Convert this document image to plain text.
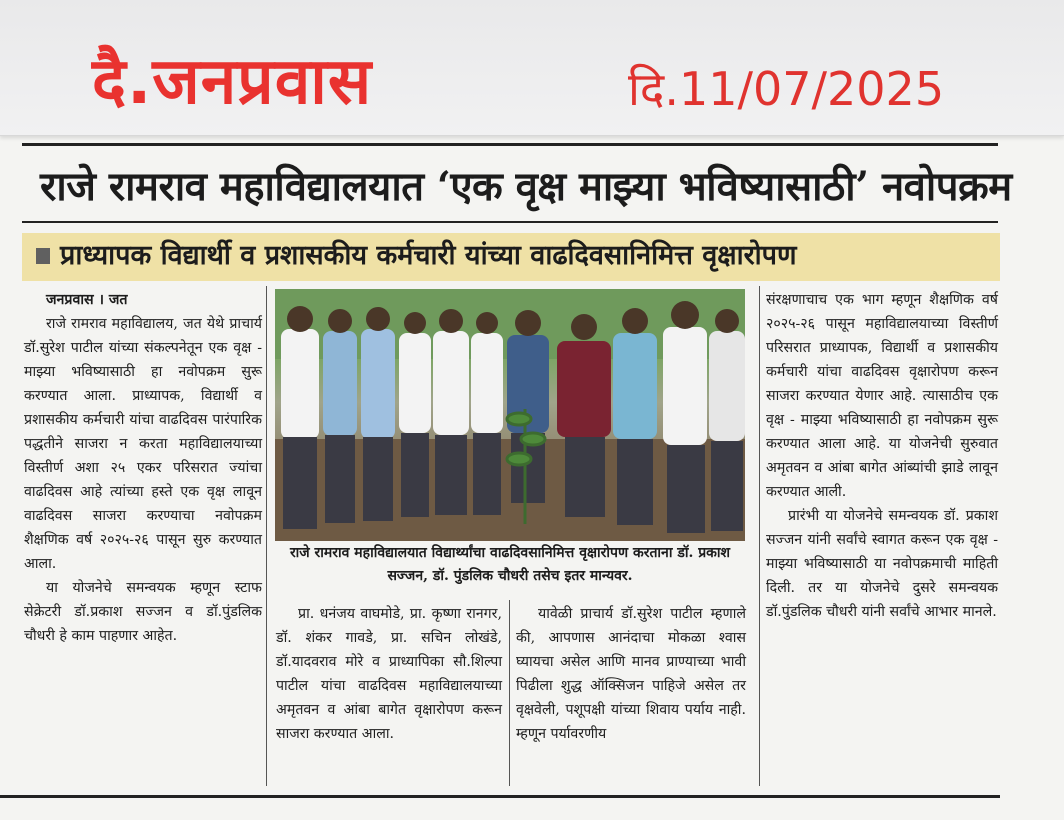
दै.जनप्रवास	दि.11/07/2025
राजे रामराव महाविद्यालयात ‘एक वृक्ष माझ्या भविष्यासाठी’ नवोपक्रम
प्राध्यापक विद्यार्थी व प्रशासकीय कर्मचारी यांच्या वाढदिवसानिमित्त वृक्षारोपण

जनप्रवास । जत

राजे रामराव महाविद्यालय, जत येथे प्राचार्य डॉ.सुरेश पाटील यांच्या संकल्पनेतून एक वृक्ष - माझ्या भविष्यासाठी हा नवोपक्रम सुरू करण्यात आला. प्राध्यापक, विद्यार्थी व प्रशासकीय कर्मचारी यांचा वाढदिवस पारंपारिक पद्धतीने साजरा न करता महाविद्यालयाच्या विस्तीर्ण अशा २५ एकर परिसरात ज्यांचा वाढदिवस आहे त्यांच्या हस्ते एक वृक्ष लावून वाढदिवस साजरा करण्याचा नवोपक्रम शैक्षणिक वर्ष २०२५-२६ पासून सुरु करण्यात आला.

या योजनेचे समन्वयक म्हणून स्टाफ सेक्रेटरी डॉ.प्रकाश सज्जन व डॉ.पुंडलिक चौधरी हे काम पाहणार आहेत.

राजे रामराव महाविद्यालयात विद्यार्थ्यांचा वाढदिवसानिमित्त वृक्षारोपण करताना डॉ. प्रकाश सज्जन, डॉ. पुंडलिक चौधरी तसेच इतर मान्यवर.

प्रा. धनंजय वाघमोडे, प्रा. कृष्णा रानगर, डॉ. शंकर गावडे, प्रा. सचिन लोखंडे, डॉ.यादवराव मोरे व प्राध्यापिका सौ.शिल्पा पाटील यांचा वाढदिवस महाविद्यालयाच्या अमृतवन व आंबा बागेत वृक्षारोपण करून साजरा करण्यात आला.

यावेळी प्राचार्य डॉ.सुरेश पाटील म्हणाले की, आपणास आनंदाचा मोकळा श्वास घ्यायचा असेल आणि मानव प्राण्याच्या भावी पिढीला शुद्ध ऑक्सिजन पाहिजे असेल तर वृक्षवेली, पशूपक्षी यांच्या शिवाय पर्याय नाही. म्हणून पर्यावरणीय

संरक्षणाचाच एक भाग म्हणून शैक्षणिक वर्ष २०२५-२६ पासून महाविद्यालयाच्या विस्तीर्ण परिसरात प्राध्यापक, विद्यार्थी व प्रशासकीय कर्मचारी यांचा वाढदिवस वृक्षारोपण करून साजरा करण्यात येणार आहे. त्यासाठीच एक वृक्ष - माझ्या भविष्यासाठी हा नवोपक्रम सुरू करण्यात आला आहे. या योजनेची सुरुवात अमृतवन व आंबा बागेत आंब्यांची झाडे लावून करण्यात आली.

प्रारंभी या योजनेचे समन्वयक डॉ. प्रकाश सज्जन यांनी सर्वांचे स्वागत करून एक वृक्ष - माझ्या भविष्यासाठी या नवोपक्रमाची माहिती दिली. तर या योजनेचे दुसरे समन्वयक डॉ.पुंडलिक चौधरी यांनी सर्वांचे आभार मानले.
